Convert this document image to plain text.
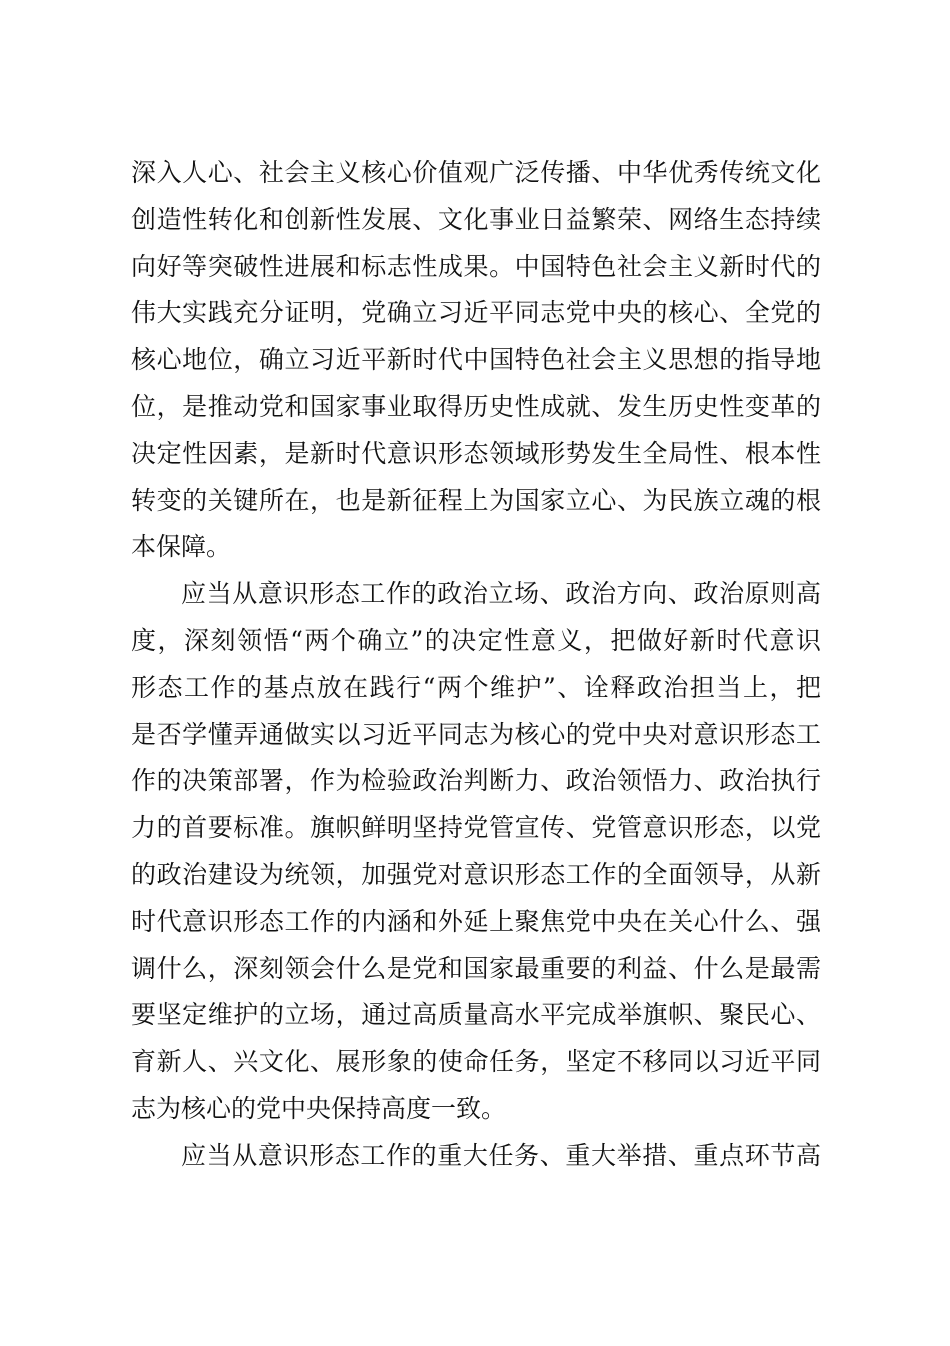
深入人心、社会主义核心价值观广泛传播、中华优秀传统文化
创造性转化和创新性发展、文化事业日益繁荣、网络生态持续
向好等突破性进展和标志性成果。中国特色社会主义新时代的
伟大实践充分证明，党确立习近平同志党中央的核心、全党的
核心地位，确立习近平新时代中国特色社会主义思想的指导地
位，是推动党和国家事业取得历史性成就、发生历史性变革的
决定性因素，是新时代意识形态领域形势发生全局性、根本性
转变的关键所在，也是新征程上为国家立心、为民族立魂的根
本保障。
应当从意识形态工作的政治立场、政治方向、政治原则高
度，深刻领悟“两个确立”的决定性意义，把做好新时代意识
形态工作的基点放在践行“两个维护”、诠释政治担当上，把
是否学懂弄通做实以习近平同志为核心的党中央对意识形态工
作的决策部署，作为检验政治判断力、政治领悟力、政治执行
力的首要标准。旗帜鲜明坚持党管宣传、党管意识形态，以党
的政治建设为统领，加强党对意识形态工作的全面领导，从新
时代意识形态工作的内涵和外延上聚焦党中央在关心什么、强
调什么，深刻领会什么是党和国家最重要的利益、什么是最需
要坚定维护的立场，通过高质量高水平完成举旗帜、聚民心、
育新人、兴文化、展形象的使命任务，坚定不移同以习近平同
志为核心的党中央保持高度一致。
应当从意识形态工作的重大任务、重大举措、重点环节高
